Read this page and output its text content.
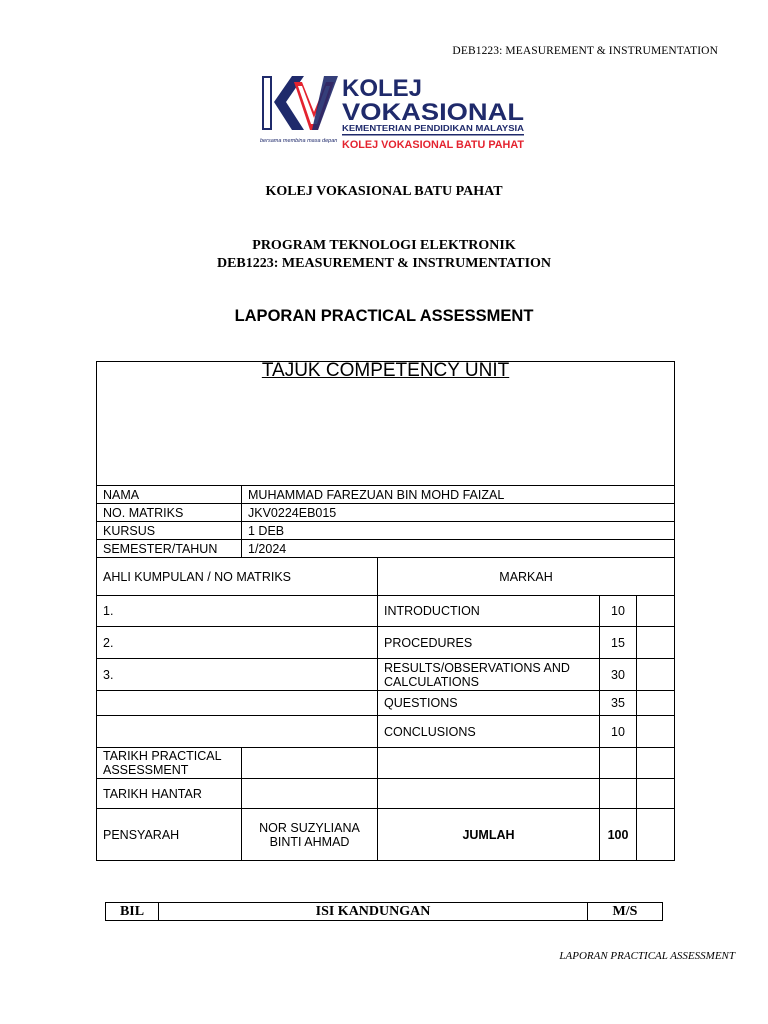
DEB1223: MEASUREMENT & INSTRUMENTATION
bersama membina masa depan
KOLEJ
VOKASIONAL
KEMENTERIAN PENDIDIKAN MALAYSIA
KOLEJ VOKASIONAL BATU PAHAT
KOLEJ VOKASIONAL BATU PAHAT
PROGRAM TEKNOLOGI ELEKTRONIK
DEB1223: MEASUREMENT & INSTRUMENTATION
LAPORAN PRACTICAL ASSESSMENT
TAJUK COMPETENCY UNIT				
NAMA	MUHAMMAD FAREZUAN BIN MOHD FAIZAL			
NO. MATRIKS	JKV0224EB015			
KURSUS	1 DEB			
SEMESTER/TAHUN	1/2024			
AHLI KUMPULAN / NO MATRIKS		MARKAH		
1.		INTRODUCTION	10	
2.		PROCEDURES	15	
3.		RESULTS/OBSERVATIONS AND CALCULATIONS	30	
		QUESTIONS	35	
		CONCLUSIONS	10	
TARIKH PRACTICAL ASSESSMENT				
TARIKH HANTAR				
PENSYARAH	NOR SUZYLIANA BINTI AHMAD	JUMLAH	100	
BIL	ISI KANDUNGAN	M/S
LAPORAN PRACTICAL ASSESSMENT
